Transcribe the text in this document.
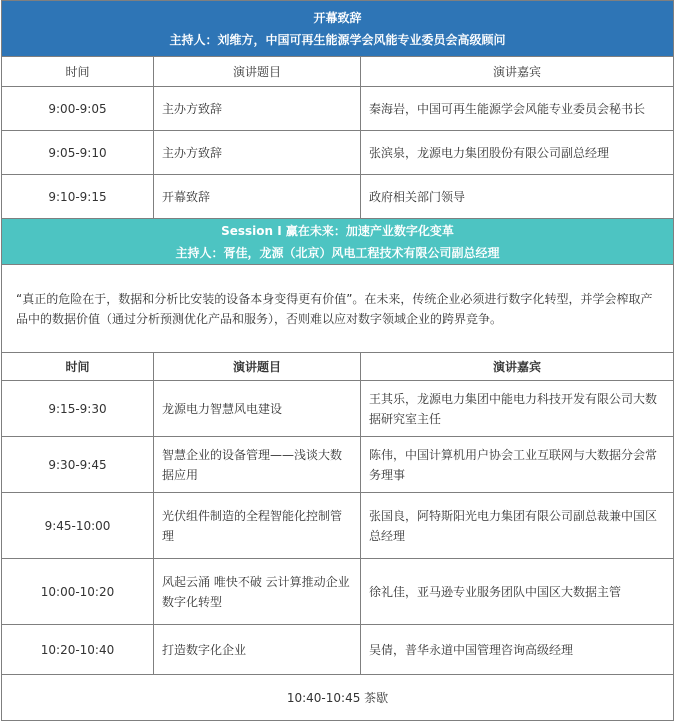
开幕致辞
主持人：刘维方，中国可再生能源学会风能专业委员会高级顾问		

时间	演讲题目	演讲嘉宾
9:00-9:05	主办方致辞	秦海岩，中国可再生能源学会风能专业委员会秘书长
9:05-9:10	主办方致辞	张滨泉，龙源电力集团股份有限公司副总经理
9:10-9:15	开幕致辞	政府相关部门领导

Session Ⅰ 赢在未来：加速产业数字化变革
主持人：胥佳，龙源（北京）风电工程技术有限公司副总经理		

“真正的危险在于，数据和分析比安装的设备本身变得更有价值”。在未来，传统企业必须进行数字化转型，并学会榨取产品中的数据价值（通过分析预测优化产品和服务），否则难以应对数字领域企业的跨界竞争。		
时间	演讲题目	演讲嘉宾
9:15-9:30	龙源电力智慧风电建设	王其乐，龙源电力集团中能电力科技开发有限公司大数据研究室主任
9:30-9:45	智慧企业的设备管理——浅谈大数据应用	陈伟，中国计算机用户协会工业互联网与大数据分会常务理事
9:45-10:00	光伏组件制造的全程智能化控制管理	张国良，阿特斯阳光电力集团有限公司副总裁兼中国区总经理
10:00-10:20	风起云涌 唯快不破 云计算推动企业数字化转型	徐礼佳，亚马逊专业服务团队中国区大数据主管
10:20-10:40	打造数字化企业	吴倩，普华永道中国管理咨询高级经理
10:40-10:45 茶歇		
